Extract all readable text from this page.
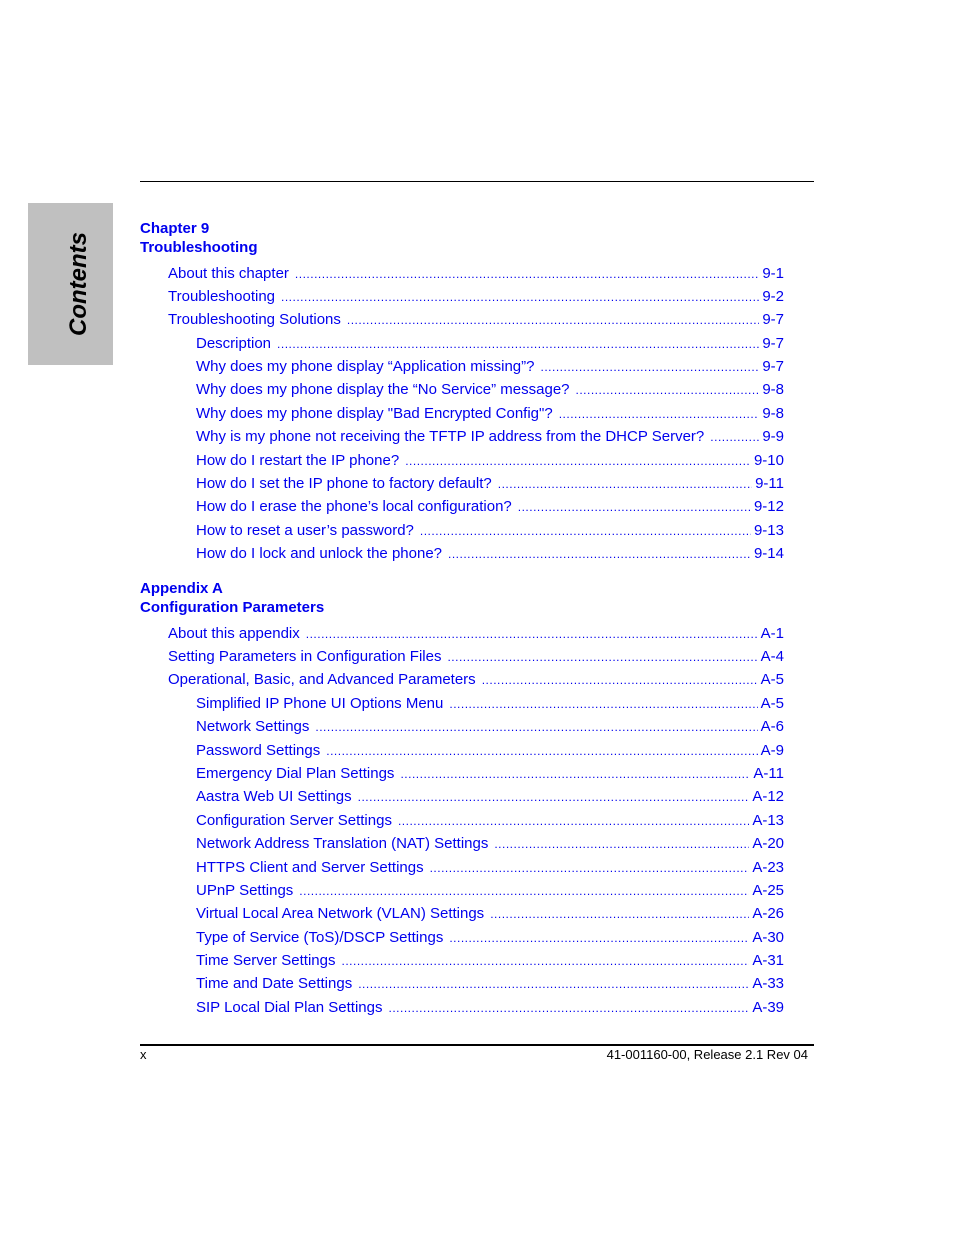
Contents
Chapter 9
Troubleshooting
About this chapter .....	9-1
Troubleshooting .....	9-2
Troubleshooting Solutions .....	9-7
Description .....	9-7
Why does my phone display “Application missing”? .....	9-7
Why does my phone display the “No Service” message? .....	9-8
Why does my phone display "Bad Encrypted Config"? .....	9-8
Why is my phone not receiving the TFTP IP address from the DHCP Server? .....	9-9
How do I restart the IP phone? .....	9-10
How do I set the IP phone to factory default? .....	9-11
How do I erase the phone’s local configuration? .....	9-12
How to reset a user’s password? .....	9-13
How do I lock and unlock the phone? .....	9-14
Appendix A
Configuration Parameters
About this appendix .....	A-1
Setting Parameters in Configuration Files .....	A-4
Operational, Basic, and Advanced Parameters .....	A-5
Simplified IP Phone UI Options Menu .....	A-5
Network Settings .....	A-6
Password Settings .....	A-9
Emergency Dial Plan Settings .....	A-11
Aastra Web UI Settings .....	A-12
Configuration Server Settings .....	A-13
Network Address Translation (NAT) Settings .....	A-20
HTTPS Client and Server Settings .....	A-23
UPnP Settings .....	A-25
Virtual Local Area Network (VLAN) Settings .....	A-26
Type of Service (ToS)/DSCP Settings .....	A-30
Time Server Settings .....	A-31
Time and Date Settings .....	A-33
SIP Local Dial Plan Settings .....	A-39
x	41-001160-00, Release 2.1 Rev 04
